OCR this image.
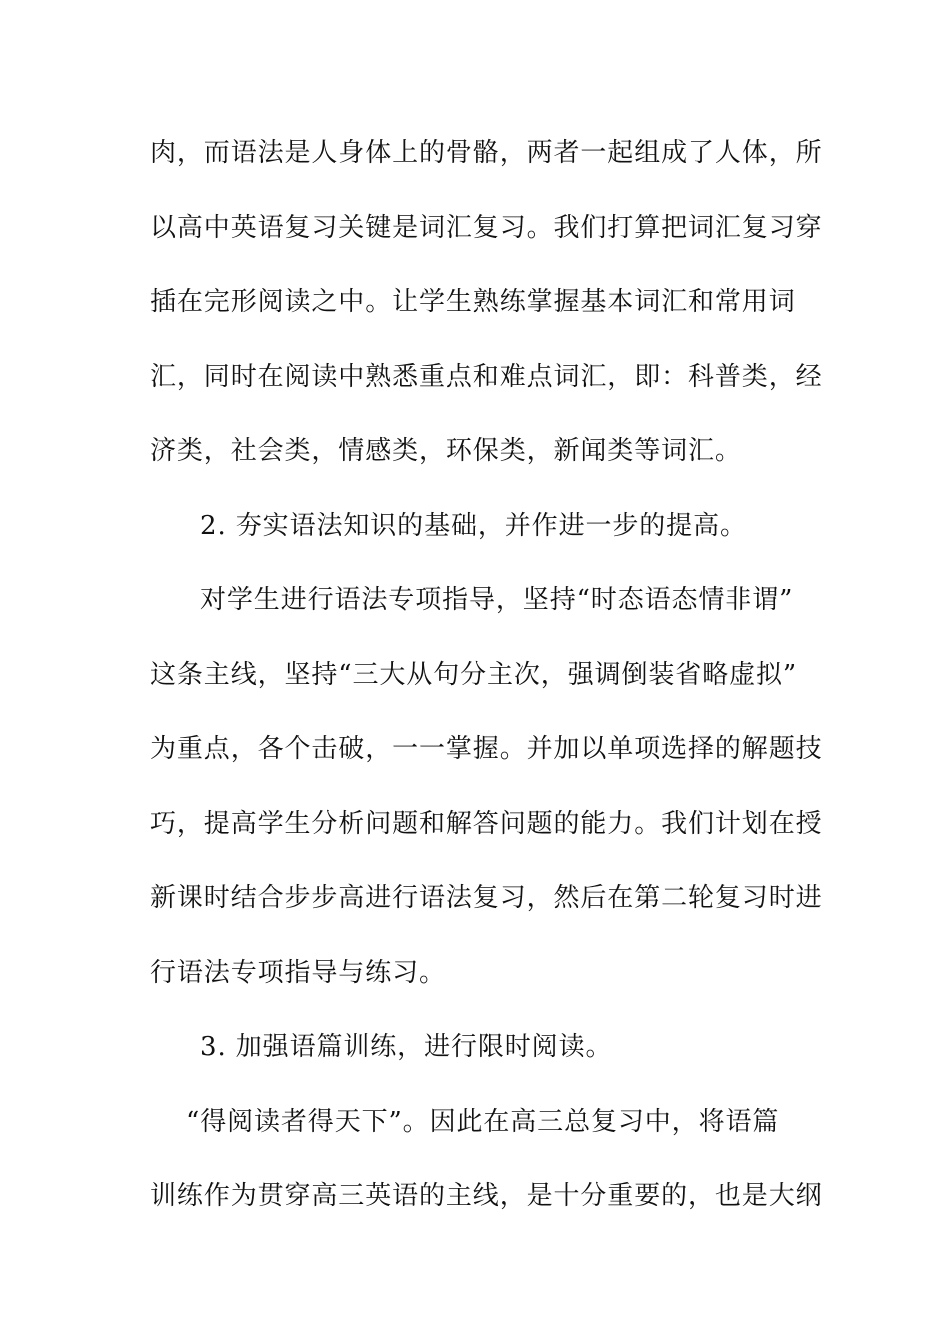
肉，而语法是人身体上的骨骼，两者一起组成了人体，所
以高中英语复习关键是词汇复习。我们打算把词汇复习穿
插在完形阅读之中。让学生熟练掌握基本词汇和常用词
汇，同时在阅读中熟悉重点和难点词汇，即：科普类，经
济类，社会类，情感类，环保类，新闻类等词汇。
2. 夯实语法知识的基础，并作进一步的提高。
对学生进行语法专项指导，坚持“时态语态情非谓”
这条主线，坚持“三大从句分主次，强调倒装省略虚拟”
为重点，各个击破，一一掌握。并加以单项选择的解题技
巧，提高学生分析问题和解答问题的能力。我们计划在授
新课时结合步步高进行语法复习，然后在第二轮复习时进
行语法专项指导与练习。
3. 加强语篇训练，进行限时阅读。
“得阅读者得天下”。因此在高三总复习中，将语篇
训练作为贯穿高三英语的主线，是十分重要的，也是大纲
